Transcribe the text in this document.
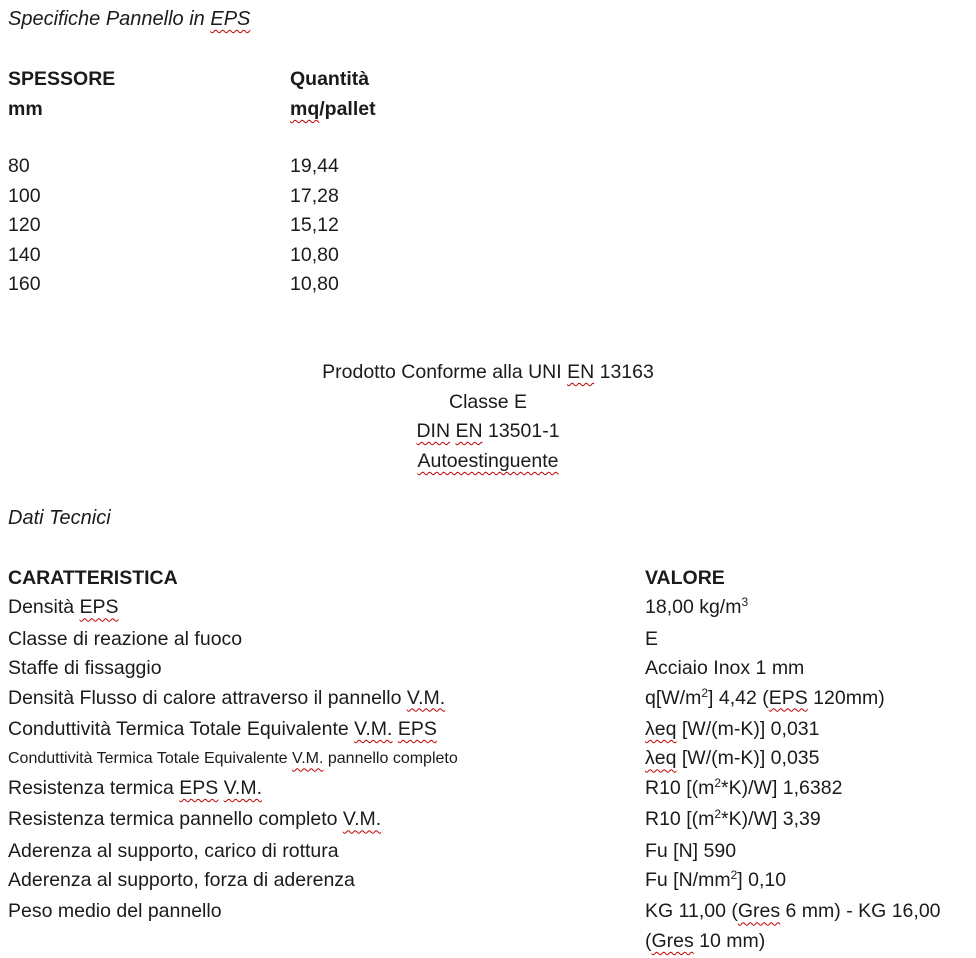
Specifiche Pannello in EPS
SPESSORE	Quantità
mm	mq/pallet
80	19,44
100	17,28
120	15,12
140	10,80
160	10,80
Prodotto Conforme alla UNI EN 13163
Classe E
DIN EN 13501-1
Autoestinguente
Dati Tecnici
CARATTERISTICA	VALORE
Densità EPS	18,00 $kg/m^3$
Classe di reazione al fuoco	E
Staffe di fissaggio	Acciaio Inox 1 mm
Densità Flusso di calore attraverso il pannello V.M.	$q[W/m^2]$ 4,42 (EPS 120mm)
Conduttività Termica Totale Equivalente V.M. EPS	λeq [W/(m-K)] 0,031
Conduttività Termica Totale Equivalente V.M. pannello completo	λeq [W/(m-K)] 0,035
Resistenza termica EPS V.M.	R10 $[(m^2*K)/W]$ 1,6382
Resistenza termica pannello completo V.M.	R10 $[(m^2*K)/W]$ 3,39
Aderenza al supporto, carico di rottura	Fu [N] 590
Aderenza al supporto, forza di aderenza	Fu $[N/mm^2]$ 0,10
Peso medio del pannello	KG 11,00 (Gres 6 mm) - KG 16,00 (Gres 10 mm)
